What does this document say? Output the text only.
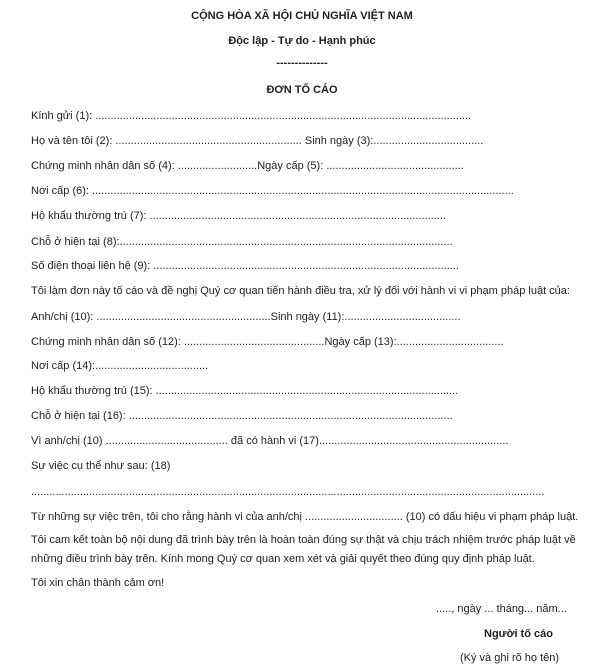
CỘNG HÒA XÃ HỘI CHỦ NGHĨA VIỆT NAM
Độc lập - Tự do - Hạnh phúc
--------------
ĐƠN TỐ CÁO
Kính gửi (1): ...........................................................................................................................
Họ và tên tôi (2): ............................................................. Sinh ngày (3):....................................
Chứng minh nhân dân số (4): ..........................Ngày cấp (5): .............................................
Nơi cấp (6): ..........................................................................................................................................
Hộ khẩu thường trú (7): .................................................................................................
Chỗ ở hiện tại (8):.............................................................................................................
Số điện thoại liên hệ (9): ....................................................................................................
Tôi làm đơn này tố cáo và đề nghị Quý cơ quan tiến hành điều tra, xử lý đối với hành vi vi phạm pháp luật của:
Anh/chị (10): .........................................................Sinh ngày (11):......................................
Chứng minh nhân dân số (12): ..............................................Ngày cấp (13):...................................
Nơi cấp (14):.....................................
Hộ khẩu thường trú (15): ...................................................................................................
Chỗ ở hiện tại (16): ..........................................................................................................
Vì anh/chị (10) ........................................ đã có hành vi (17)..............................................................
Sự việc cụ thể như sau: (18)
........................................................................................................................................................................
Từ những sự việc trên, tôi cho rằng hành vi của anh/chị ................................ (10) có dấu hiệu vi phạm pháp luật.
Tôi cam kết toàn bộ nội dung đã trình bày trên là hoàn toàn đúng sự thật và chịu trách nhiệm trước pháp luật về những điều trình bày trên. Kính mong Quý cơ quan xem xét và giải quyết theo đúng quy định pháp luật.
Tôi xin chân thành cảm ơn!
....., ngày ... tháng... năm...
Người tố cáo
(Ký và ghi rõ họ tên)
